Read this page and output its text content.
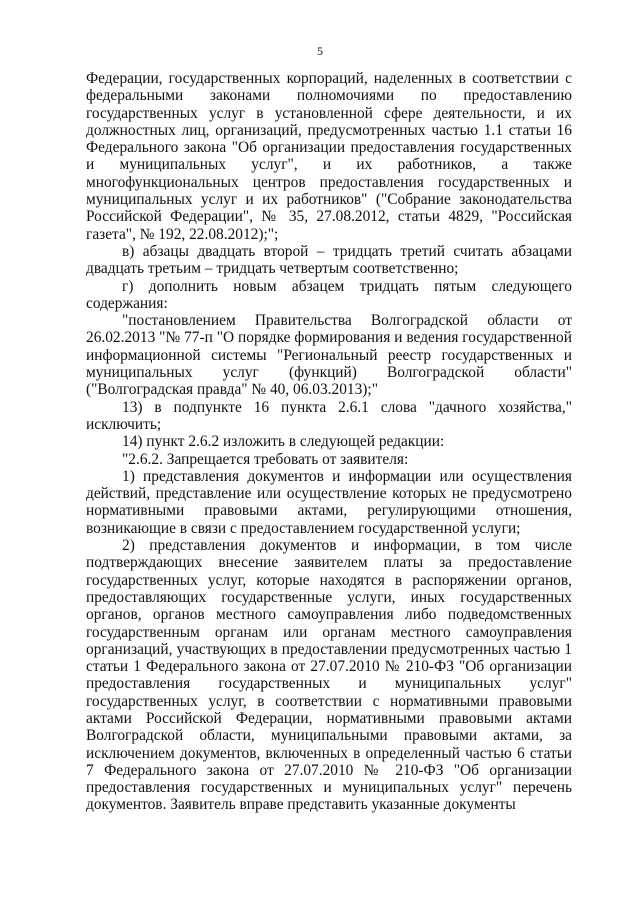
5

Федерации, государственных корпораций, наделенных в соответствии с федеральными законами полномочиями по предоставлению государственных услуг в установленной сфере деятельности, и их должностных лиц, организаций, предусмотренных частью 1.1 статьи 16 Федерального закона "Об организации предоставления государственных и муниципальных услуг", и их работников, а также многофункциональных центров предоставления государственных и муниципальных услуг и их работников" ("Собрание законодательства Российской Федерации", № 35, 27.08.2012, статьи 4829, "Российская газета", № 192, 22.08.2012);";

в) абзацы двадцать второй – тридцать третий считать абзацами двадцать третьим – тридцать четвертым соответственно;

г) дополнить новым абзацем тридцать пятым следующего содержания:

"постановлением Правительства Волгоградской области от 26.02.2013 "№ 77-п "О порядке формирования и ведения государственной информационной системы "Региональный реестр государственных и муниципальных услуг (функций) Волгоградской области" ("Волгоградская правда" № 40, 06.03.2013);"

13) в подпункте 16 пункта 2.6.1 слова "дачного хозяйства," исключить;

14) пункт 2.6.2 изложить в следующей редакции:

"2.6.2. Запрещается требовать от заявителя:

1) представления документов и информации или осуществления действий, представление или осуществление которых не предусмотрено нормативными правовыми актами, регулирующими отношения, возникающие в связи с предоставлением государственной услуги;

2) представления документов и информации, в том числе подтверждающих внесение заявителем платы за предоставление государственных услуг, которые находятся в распоряжении органов, предоставляющих государственные услуги, иных государственных органов, органов местного самоуправления либо подведомственных государственным органам или органам местного самоуправления организаций, участвующих в предоставлении предусмотренных частью 1 статьи 1 Федерального закона от 27.07.2010 № 210-ФЗ "Об организации предоставления государственных и муниципальных услуг" государственных услуг, в соответствии с нормативными правовыми актами Российской Федерации, нормативными правовыми актами Волгоградской области, муниципальными правовыми актами, за исключением документов, включенных в определенный частью 6 статьи 7 Федерального закона от 27.07.2010 № 210-ФЗ "Об организации предоставления государственных и муниципальных услуг" перечень документов. Заявитель вправе представить указанные документы
